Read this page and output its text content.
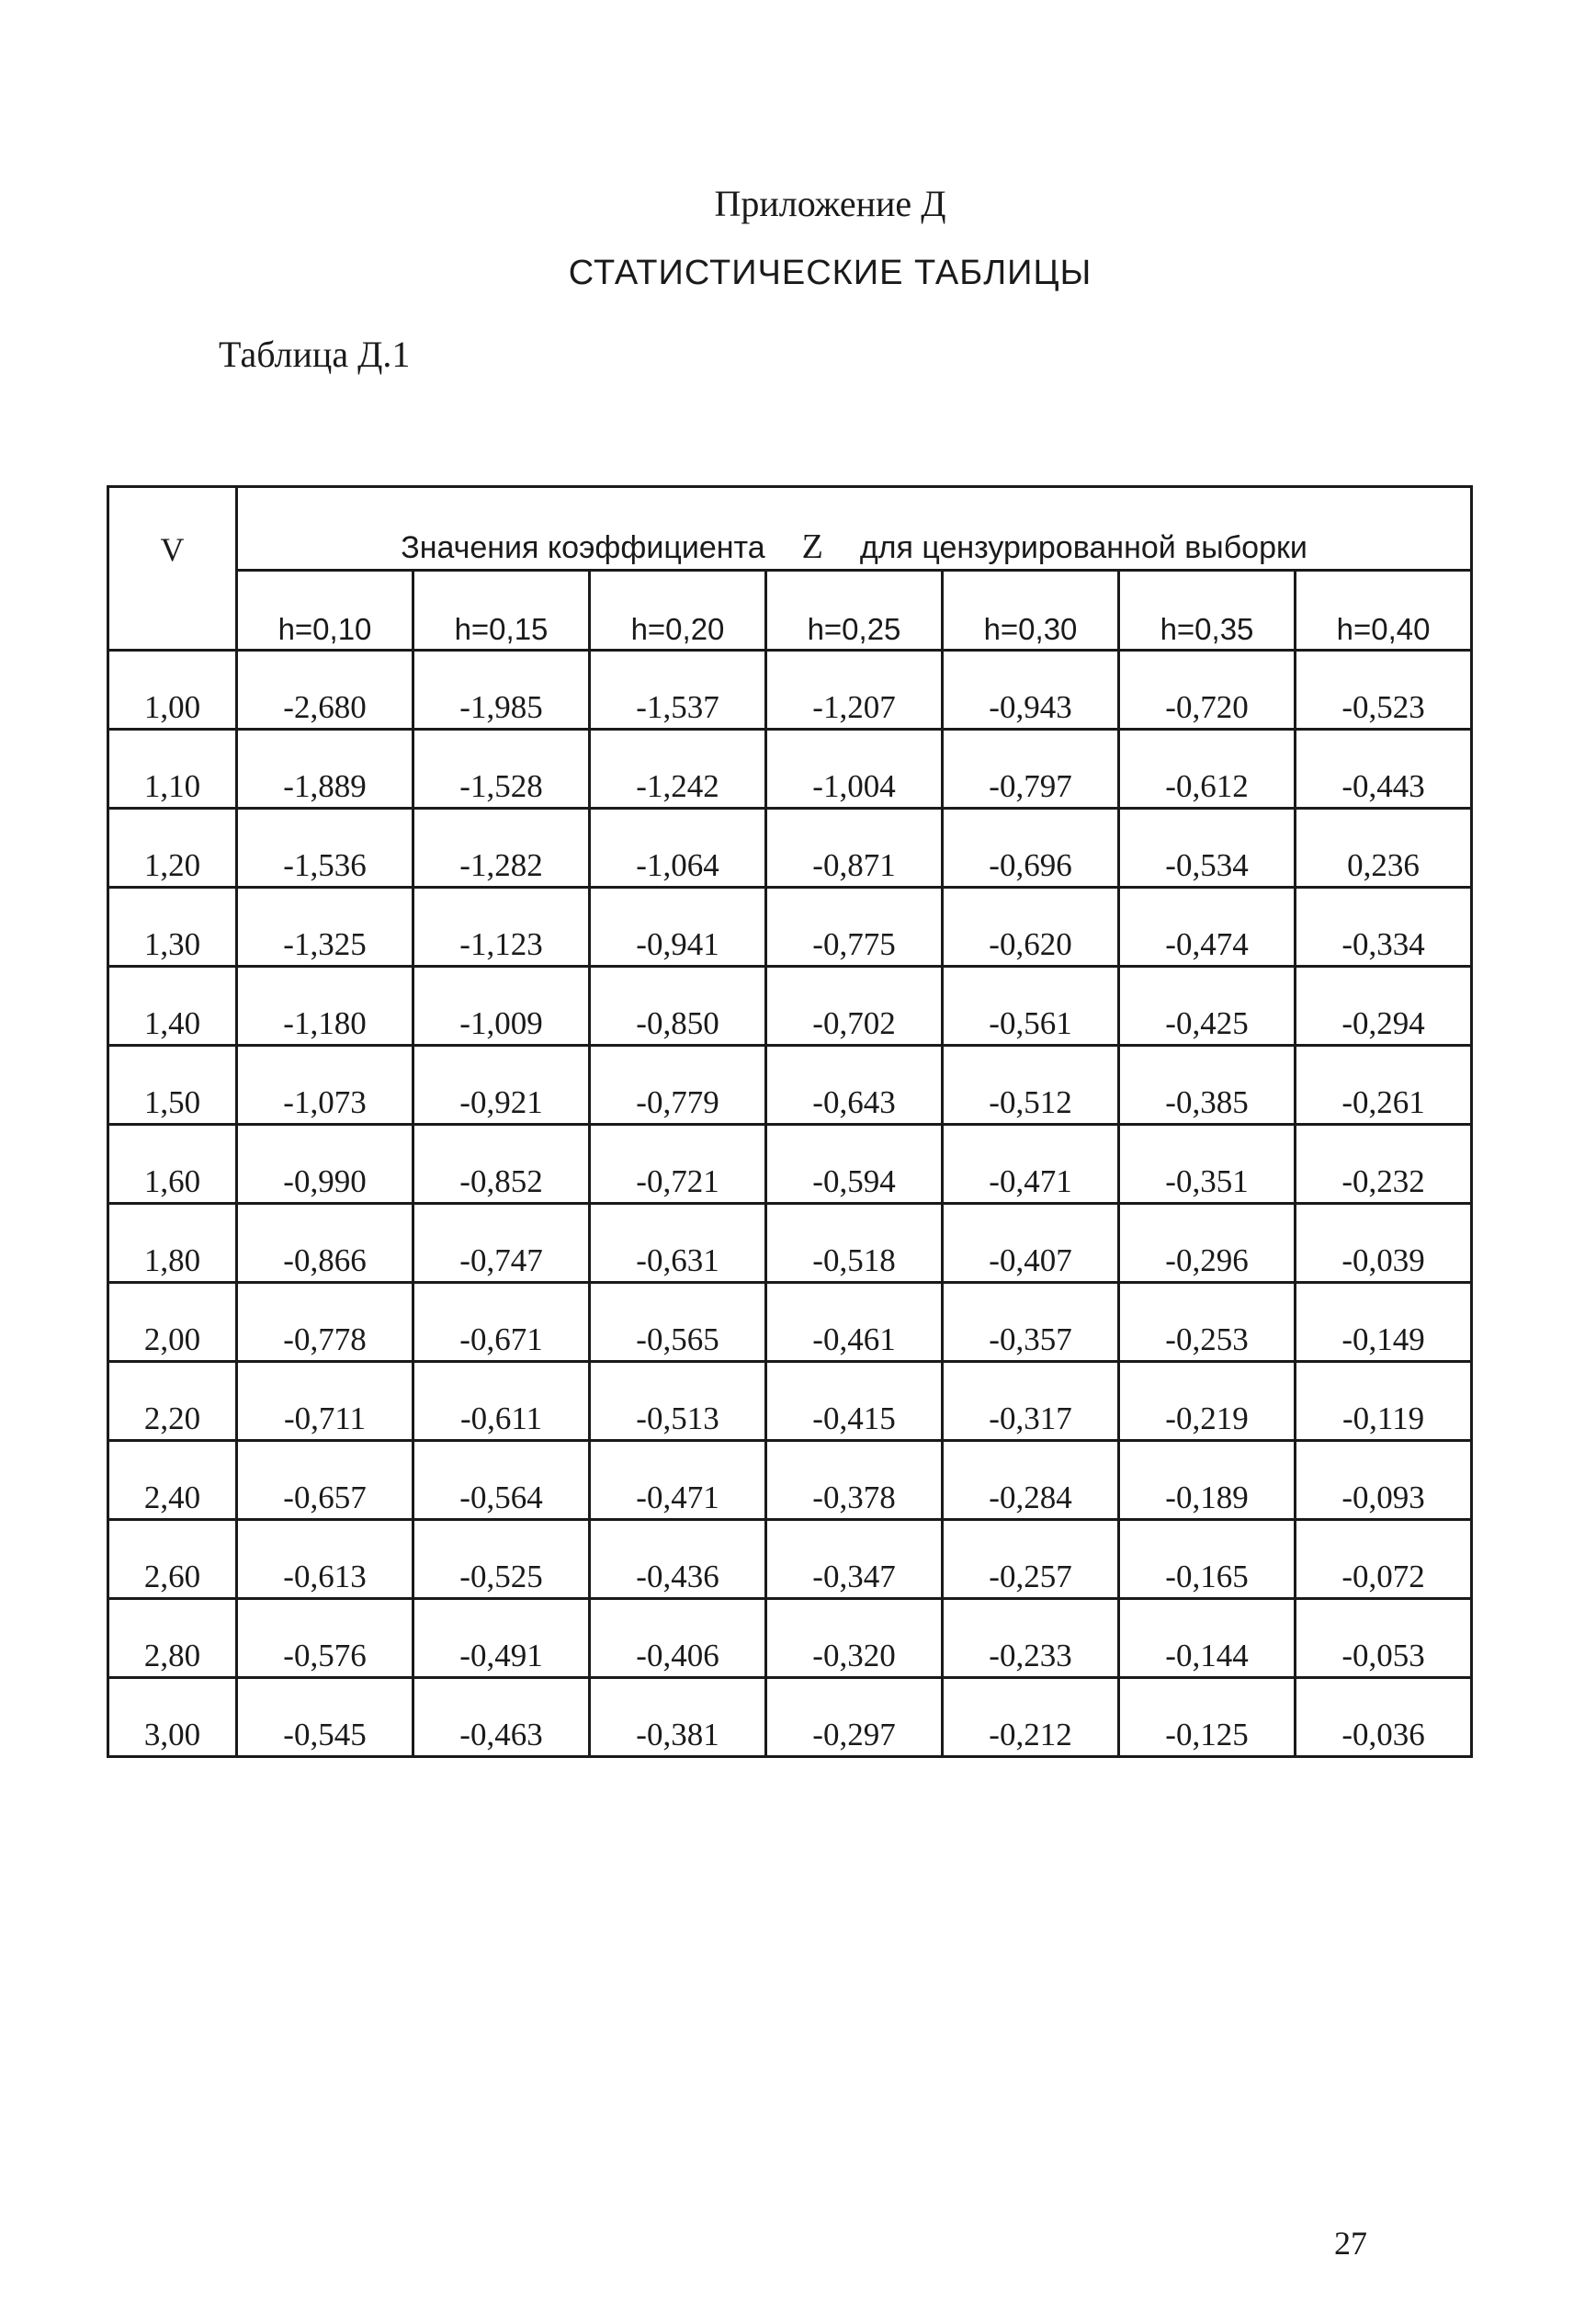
Приложение Д
СТАТИСТИЧЕСКИЕ ТАБЛИЦЫ
Таблица Д.1
V	Значения коэффициента Z для цензурированной выборки						
	h=0,10	h=0,15	h=0,20	h=0,25	h=0,30	h=0,35	h=0,40
1,00	-2,680	-1,985	-1,537	-1,207	-0,943	-0,720	-0,523
1,10	-1,889	-1,528	-1,242	-1,004	-0,797	-0,612	-0,443
1,20	-1,536	-1,282	-1,064	-0,871	-0,696	-0,534	0,236
1,30	-1,325	-1,123	-0,941	-0,775	-0,620	-0,474	-0,334
1,40	-1,180	-1,009	-0,850	-0,702	-0,561	-0,425	-0,294
1,50	-1,073	-0,921	-0,779	-0,643	-0,512	-0,385	-0,261
1,60	-0,990	-0,852	-0,721	-0,594	-0,471	-0,351	-0,232
1,80	-0,866	-0,747	-0,631	-0,518	-0,407	-0,296	-0,039
2,00	-0,778	-0,671	-0,565	-0,461	-0,357	-0,253	-0,149
2,20	-0,711	-0,611	-0,513	-0,415	-0,317	-0,219	-0,119
2,40	-0,657	-0,564	-0,471	-0,378	-0,284	-0,189	-0,093
2,60	-0,613	-0,525	-0,436	-0,347	-0,257	-0,165	-0,072
2,80	-0,576	-0,491	-0,406	-0,320	-0,233	-0,144	-0,053
3,00	-0,545	-0,463	-0,381	-0,297	-0,212	-0,125	-0,036
27
